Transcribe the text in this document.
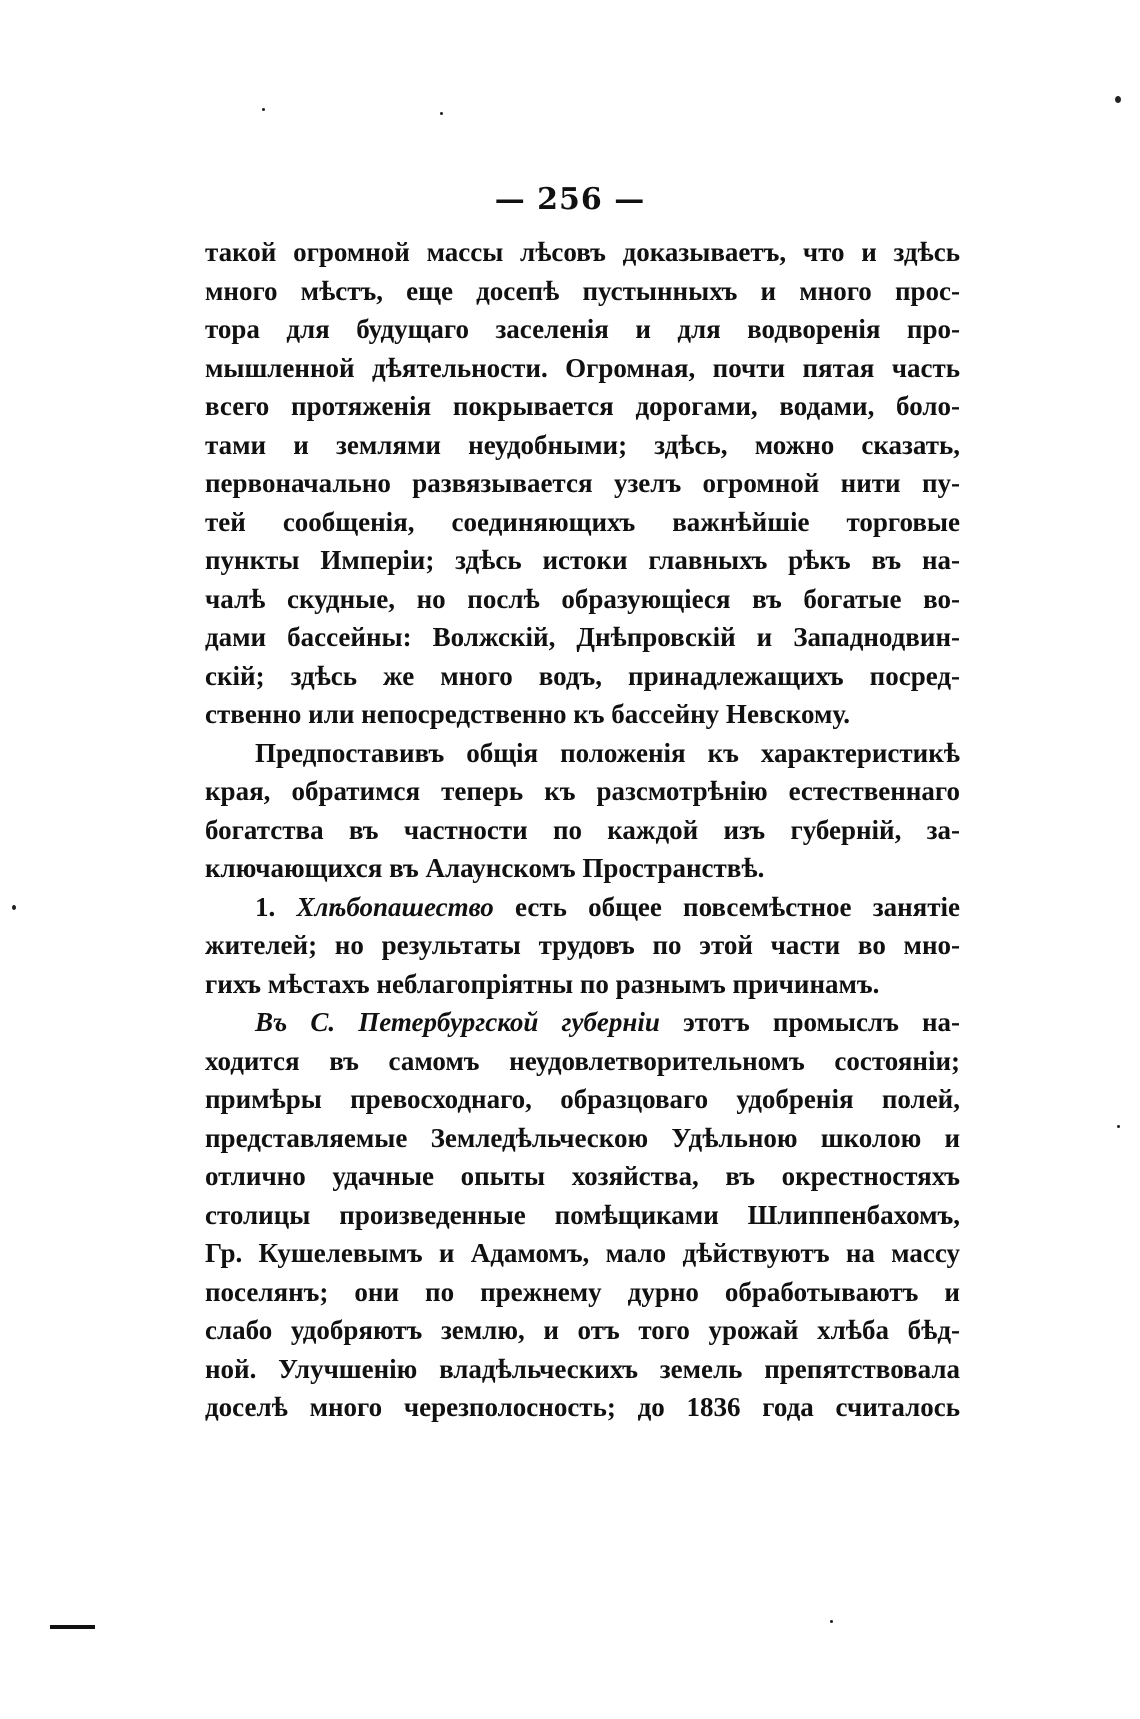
— 256 —
такой огромной массы лѣсовъ доказываетъ, что и здѣсь
много мѣстъ, еще досепѣ пустынныхъ и много прос-
тора для будущаго заселенія и для водворенія про-
мышленной дѣятельности. Огромная, почти пятая часть
всего протяженія покрывается дорогами, водами, боло-
тами и землями неудобными; здѣсь, можно сказать,
первоначально развязывается узелъ огромной нити пу-
тей сообщенія, соединяющихъ важнѣйшіе торговые
пункты Имперіи; здѣсь истоки главныхъ рѣкъ въ на-
чалѣ скудные, но послѣ образующіеся въ богатые во-
дами бассейны: Волжскій, Днѣпровскій и Западнодвин-
скій; здѣсь же много водъ, принадлежащихъ посред-
ственно или непосредственно къ бассейну Невскому.
Предпоставивъ общія положенія къ характеристикѣ
края, обратимся теперь къ разсмотрѣнію естественнаго
богатства въ частности по каждой изъ губерній, за-
ключающихся въ Алаунскомъ Пространствѣ.
1. Хлѣбопашество есть общее повсемѣстное занятіе
жителей; но результаты трудовъ по этой части во мно-
гихъ мѣстахъ неблагопріятны по разнымъ причинамъ.
Въ С. Петербургской губерніи этотъ промыслъ на-
ходится въ самомъ неудовлетворительномъ состояніи;
примѣры превосходнаго, образцоваго удобренія полей,
представляемые Земледѣльческою Удѣльною школою и
отлично удачные опыты хозяйства, въ окрестностяхъ
столицы произведенные помѣщиками Шлиппенбахомъ,
Гр. Кушелевымъ и Адамомъ, мало дѣйствуютъ на массу
поселянъ; они по прежнему дурно обработываютъ и
слабо удобряютъ землю, и отъ того урожай хлѣба бѣд-
ной. Улучшенію владѣльческихъ земель препятствовала
доселѣ много черезполосность; до 1836 года считалось
